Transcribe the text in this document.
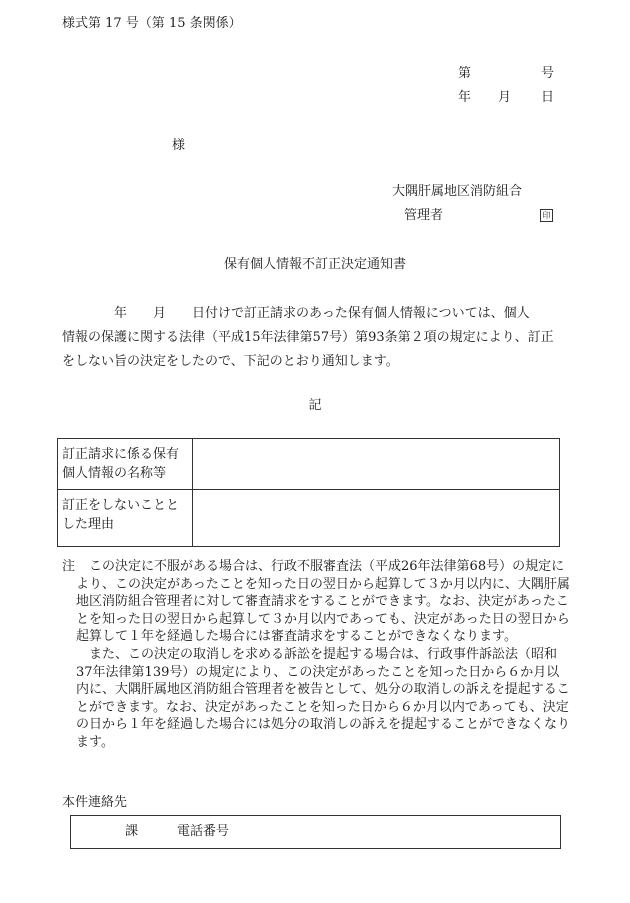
様式第 17 号（第 15 条関係）
第	号
年 月 日
様
大隅肝属地区消防組合
管理者	印
保有個人情報不訂正決定通知書

　　　　年　　月　　日付けで訂正請求のあった保有個人情報については、個人

情報の保護に関する法律（平成15年法律第57号）第93条第２項の規定により、訂正

をしない旨の決定をしたので、下記のとおり通知します。

記
訂正請求に係る保有
個人情報の名称等	

訂正をしないことと
した理由	

注	この決定に不服がある場合は、行政不服審査法（平成26年法律第68号）の規定により、この決定があったことを知った日の翌日から起算して３か月以内に、大隅肝属地区消防組合管理者に対して審査請求をすることができます。なお、決定があったことを知った日の翌日から起算して３か月以内であっても、決定があった日の翌日から起算して１年を経過した場合には審査請求をすることができなくなります。
また、この決定の取消しを求める訴訟を提起する場合は、行政事件訴訟法（昭和37年法律第139号）の規定により、この決定があったことを知った日から６か月以内に、大隅肝属地区消防組合管理者を被告として、処分の取消しの訴えを提起することができます。なお、決定があったことを知った日から６か月以内であっても、決定の日から１年を経過した場合には処分の取消しの訴えを提起することができなくなります。
本件連絡先
課	電話番号
